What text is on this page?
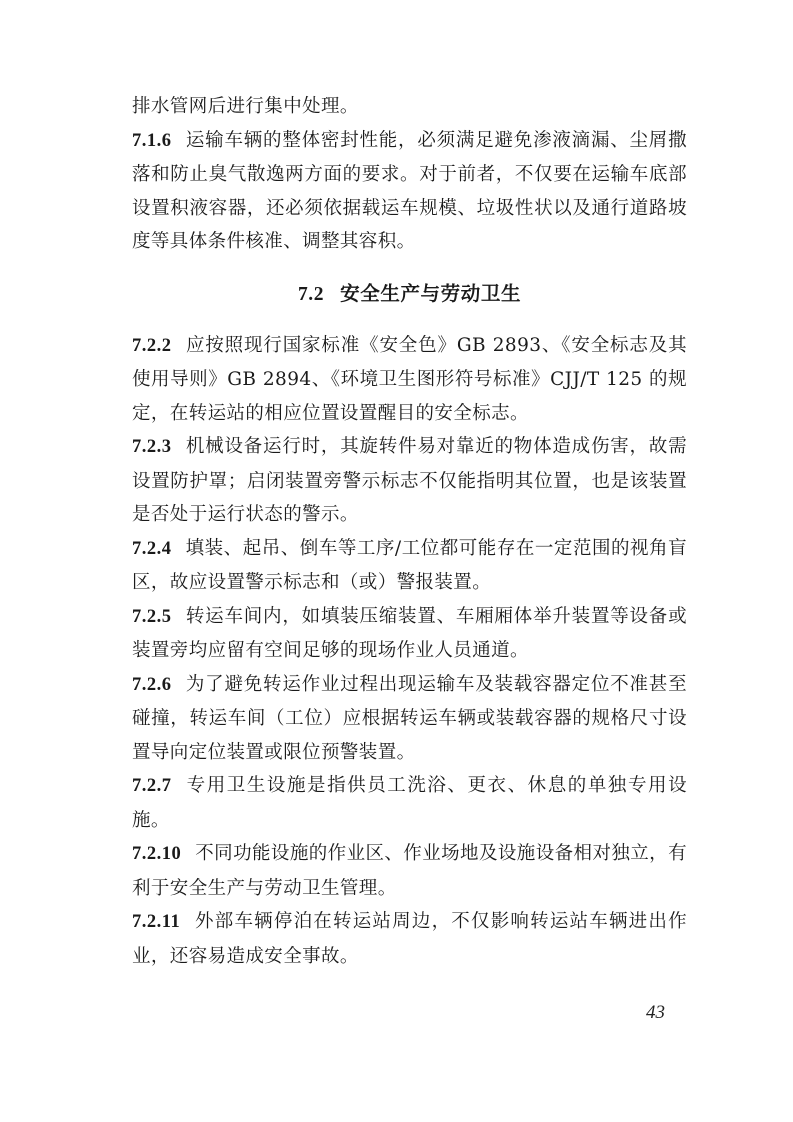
排水管网后进行集中处理。

7.1.6 运输车辆的整体密封性能，必须满足避免渗液滴漏、尘屑撒落和防止臭气散逸两方面的要求。对于前者，不仅要在运输车底部设置积液容器，还必须依据载运车规模、垃圾性状以及通行道路坡度等具体条件核准、调整其容积。

7.2 安全生产与劳动卫生

7.2.2 应按照现行国家标准《安全色》GB 2893、《安全标志及其使用导则》GB 2894、《环境卫生图形符号标准》CJJ/T 125 的规定，在转运站的相应位置设置醒目的安全标志。

7.2.3 机械设备运行时，其旋转件易对靠近的物体造成伤害，故需设置防护罩；启闭装置旁警示标志不仅能指明其位置，也是该装置是否处于运行状态的警示。

7.2.4 填装、起吊、倒车等工序/工位都可能存在一定范围的视角盲区，故应设置警示标志和（或）警报装置。

7.2.5 转运车间内，如填装压缩装置、车厢厢体举升装置等设备或装置旁均应留有空间足够的现场作业人员通道。

7.2.6 为了避免转运作业过程出现运输车及装载容器定位不准甚至碰撞，转运车间（工位）应根据转运车辆或装载容器的规格尺寸设置导向定位装置或限位预警装置。

7.2.7 专用卫生设施是指供员工洗浴、更衣、休息的单独专用设施。

7.2.10 不同功能设施的作业区、作业场地及设施设备相对独立，有利于安全生产与劳动卫生管理。

7.2.11 外部车辆停泊在转运站周边，不仅影响转运站车辆进出作业，还容易造成安全事故。

43
